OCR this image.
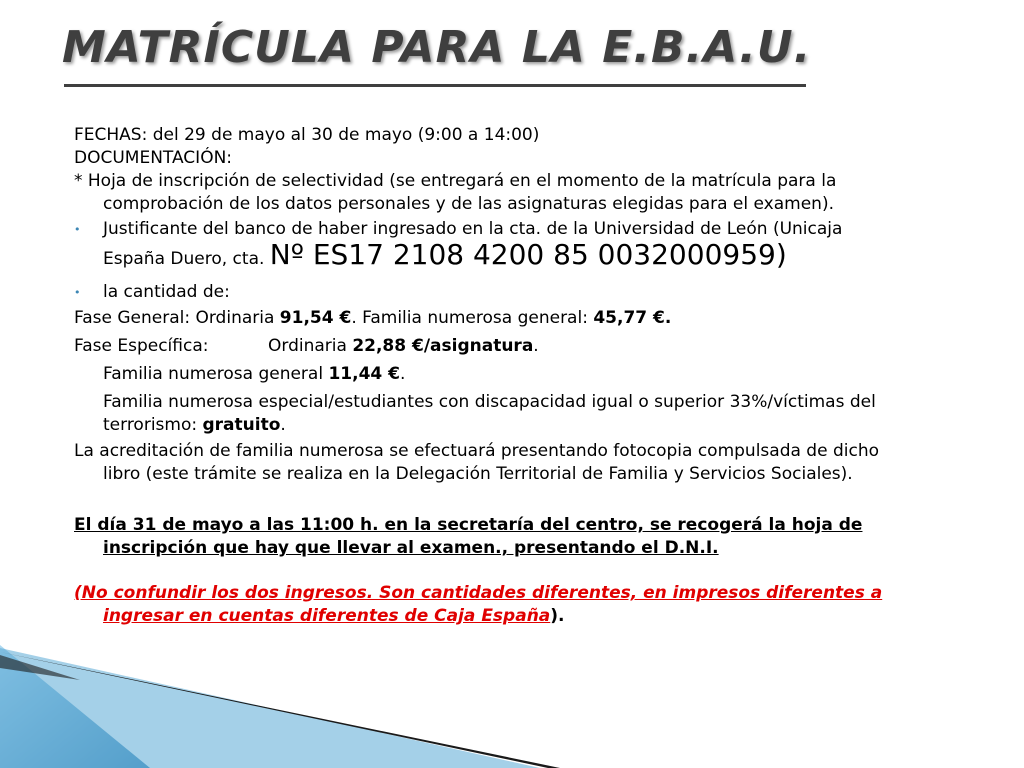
MATRÍCULA PARA LA E.B.A.U.
FECHAS: del 29 de mayo al 30 de mayo (9:00 a 14:00)
DOCUMENTACIÓN:
* Hoja de inscripción de selectividad (se entregará en el momento de la matrícula para la comprobación de los datos personales y de las asignaturas elegidas para el examen).
• Justificante del banco de haber ingresado en la cta. de la Universidad de León (Unicaja
España Duero, cta. Nº ES17 2108 4200 85 0032000959)
• la cantidad de:
Fase General: Ordinaria 91,54 €. Familia numerosa general: 45,77 €.
Fase Específica:	Ordinaria 22,88 €/asignatura.
Familia numerosa general 11,44 €.
Familia numerosa especial/estudiantes con discapacidad igual o superior 33%/víctimas del terrorismo: gratuito.
La acreditación de familia numerosa se efectuará presentando fotocopia compulsada de dicho libro (este trámite se realiza en la Delegación Territorial de Familia y Servicios Sociales).
El día 31 de mayo a las 11:00 h. en la secretaría del centro, se recogerá la hoja de inscripción que hay que llevar al examen., presentando el D.N.I.
(No confundir los dos ingresos. Son cantidades diferentes, en impresos diferentes a ingresar en cuentas diferentes de Caja España).
